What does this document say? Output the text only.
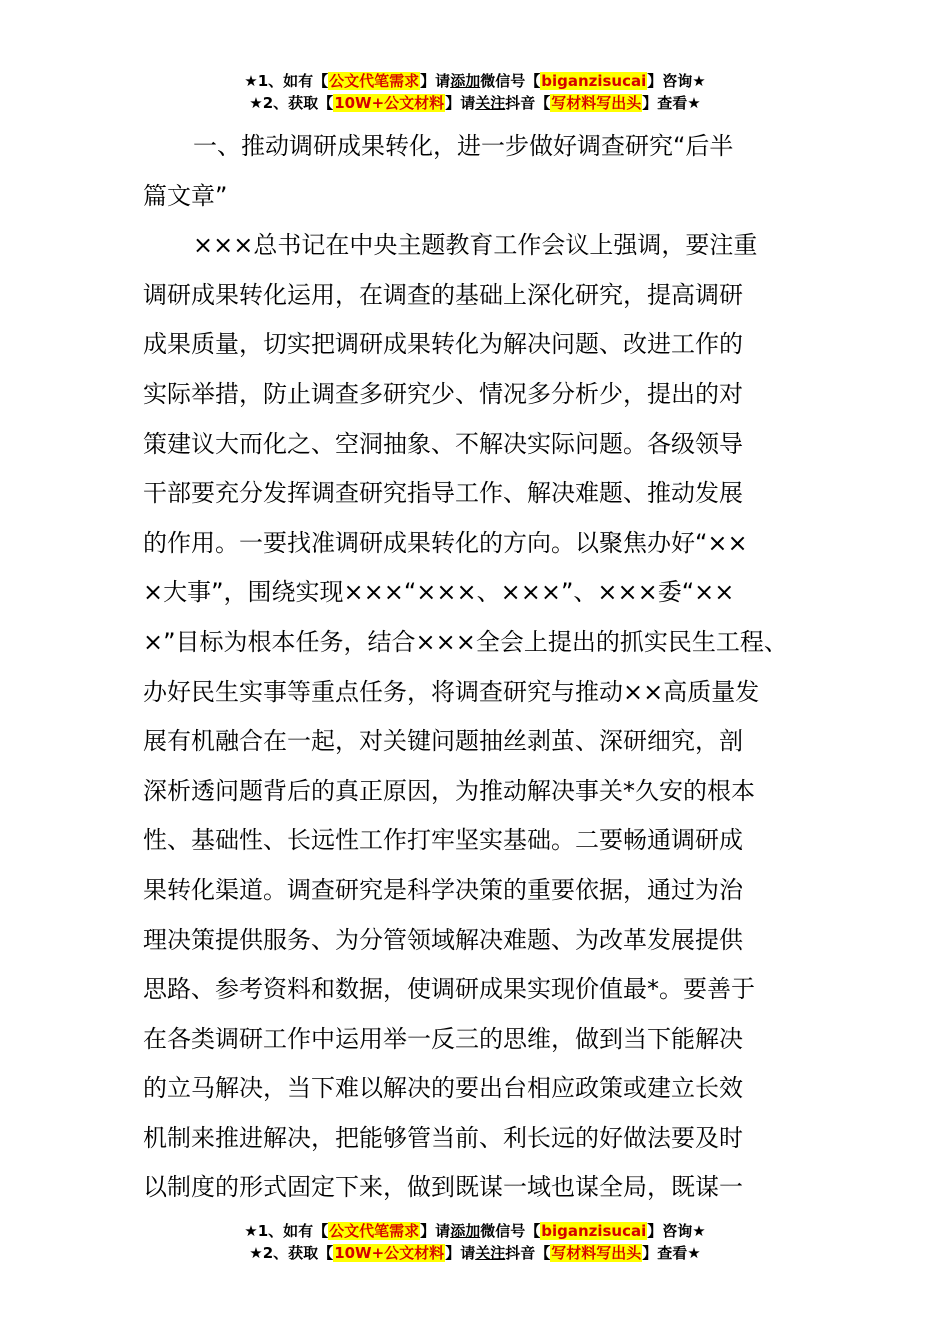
★1、如有【公文代笔需求】请添加微信号【biganzisucai】咨询★
★2、获取【10W+公文材料】请关注抖音【写材料写出头】查看★
一、推动调研成果转化，进一步做好调查研究“后半
篇文章”
×××总书记在中央主题教育工作会议上强调，要注重
调研成果转化运用，在调查的基础上深化研究，提高调研
成果质量，切实把调研成果转化为解决问题、改进工作的
实际举措，防止调查多研究少、情况多分析少，提出的对
策建议大而化之、空洞抽象、不解决实际问题。各级领导
干部要充分发挥调查研究指导工作、解决难题、推动发展
的作用。一要找准调研成果转化的方向。以聚焦办好“××
×大事”，围绕实现×××“×××、×××”、×××委“××
×”目标为根本任务，结合×××全会上提出的抓实民生工程、
办好民生实事等重点任务，将调查研究与推动××高质量发
展有机融合在一起，对关键问题抽丝剥茧、深研细究，剖
深析透问题背后的真正原因，为推动解决事关*久安的根本
性、基础性、长远性工作打牢坚实基础。二要畅通调研成
果转化渠道。调查研究是科学决策的重要依据，通过为治
理决策提供服务、为分管领域解决难题、为改革发展提供
思路、参考资料和数据，使调研成果实现价值最*。要善于
在各类调研工作中运用举一反三的思维，做到当下能解决
的立马解决，当下难以解决的要出台相应政策或建立长效
机制来推进解决，把能够管当前、利长远的好做法要及时
以制度的形式固定下来，做到既谋一域也谋全局，既谋一
★1、如有【公文代笔需求】请添加微信号【biganzisucai】咨询★
★2、获取【10W+公文材料】请关注抖音【写材料写出头】查看★
